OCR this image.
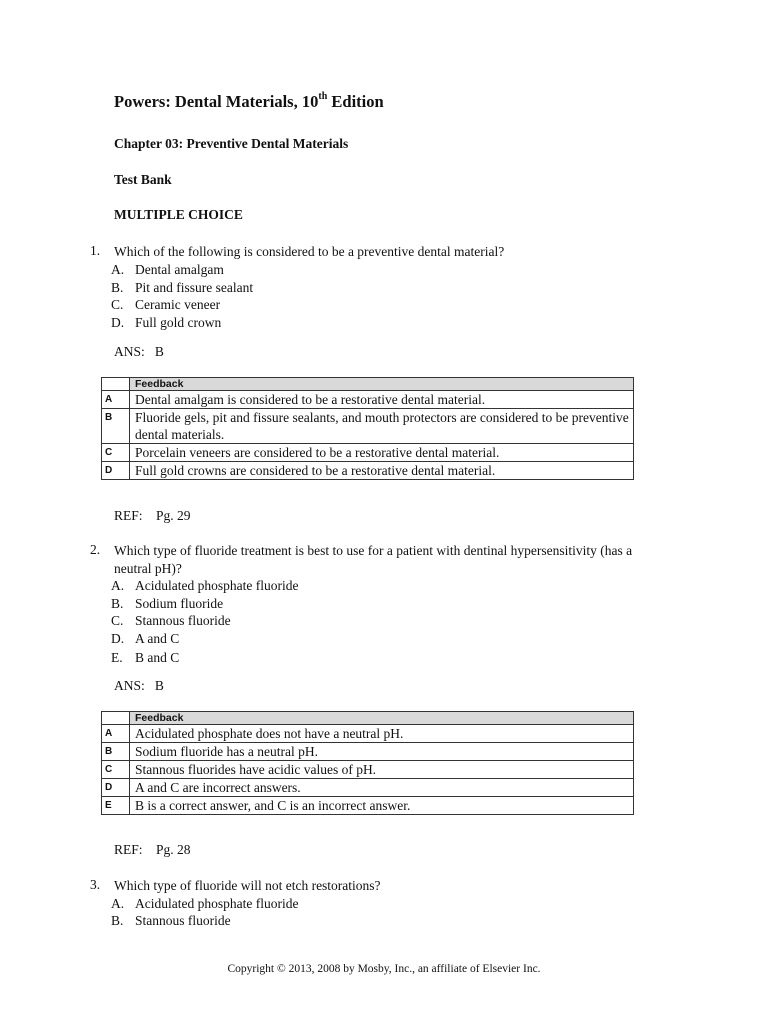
Powers: Dental Materials, 10th Edition
Chapter 03: Preventive Dental Materials
Test Bank
MULTIPLE CHOICE
1. Which of the following is considered to be a preventive dental material?
A. Dental amalgam
B. Pit and fissure sealant
C. Ceramic veneer
D. Full gold crown
ANS:   B
	Feedback
A	Dental amalgam is considered to be a restorative dental material.
B	Fluoride gels, pit and fissure sealants, and mouth protectors are considered to be preventive dental materials.
C	Porcelain veneers are considered to be a restorative dental material.
D	Full gold crowns are considered to be a restorative dental material.
REF:    Pg. 29
2. Which type of fluoride treatment is best to use for a patient with dentinal hypersensitivity (has a neutral pH)?
A. Acidulated phosphate fluoride
B. Sodium fluoride
C. Stannous fluoride
D. A and C
E. B and C
ANS:   B
	Feedback
A	Acidulated phosphate does not have a neutral pH.
B	Sodium fluoride has a neutral pH.
C	Stannous fluorides have acidic values of pH.
D	A and C are incorrect answers.
E	B is a correct answer, and C is an incorrect answer.
REF:    Pg. 28
3. Which type of fluoride will not etch restorations?
A. Acidulated phosphate fluoride
B. Stannous fluoride
Copyright © 2013, 2008 by Mosby, Inc., an affiliate of Elsevier Inc.
